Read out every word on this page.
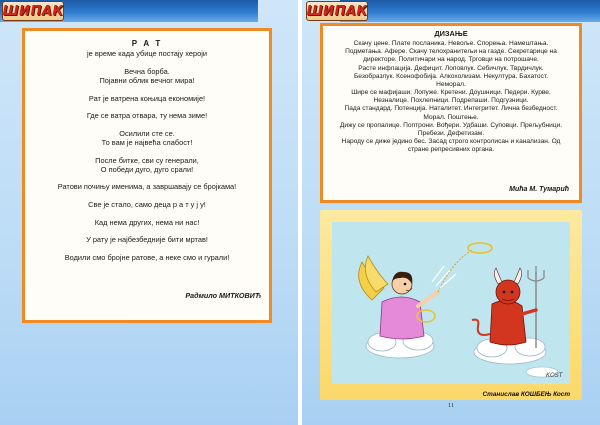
ШИПАК

Р А Т

је време када убице постају хероји

Вечна борба.
Појавни облик вечног мира!

Рат је ватрена коњица економије!

Где се ватра отвара, ту нема зиме!

Осилили сте се.
То вам је највећа слабост!

После битке, сви су генерали,
О победи дуго, дуго срали!

Ратови почињу именима, а завршавају се бројкама!

Све је стало, само деца р а т у ј у!

Кад нема других, нема ни нас!

У рату је најбезбедније бити мртав!

Водили смо бројне ратове, а неке смо и гурали!

Радмило МИТКОВИЋ
ШИПАК
ДИЗАЊЕ
Скачу цене. Плате посланика. Невоље. Спорења. Намештања.
Подметања. Афере. Скачу телохранитељи на газде. Секретарице на
директоре. Политичари на народ. Трговци на потрошаче.
Расте инфлација. Дефицит. Лоповлук. Себичлук. Тврдичлук.
Безобразлук. Ксенофобија. Алкохолизам. Некултура. Бахатост.
Неморал.
Шире се мафијаши. Лопуже. Кретени. Доушници. Педери. Курве.
Незналице. Похлепници. Подрепаши. Подгузници.
Пада стандард. Потенција. Наталитет. Интегритет. Лична безбедност.
Морал. Поштење.
Дижу се пропалице. Поптрони. Вођери. Удбаши. Суповци. Прељубници.
Пребези. Дефетизам.
Народу се диже једино бес. Засад строго контролисан и канализан. Од
стране репресивних органа.
Мића М. Тумарић
KOST
Станислав КОШБЕЊ Кост
11
